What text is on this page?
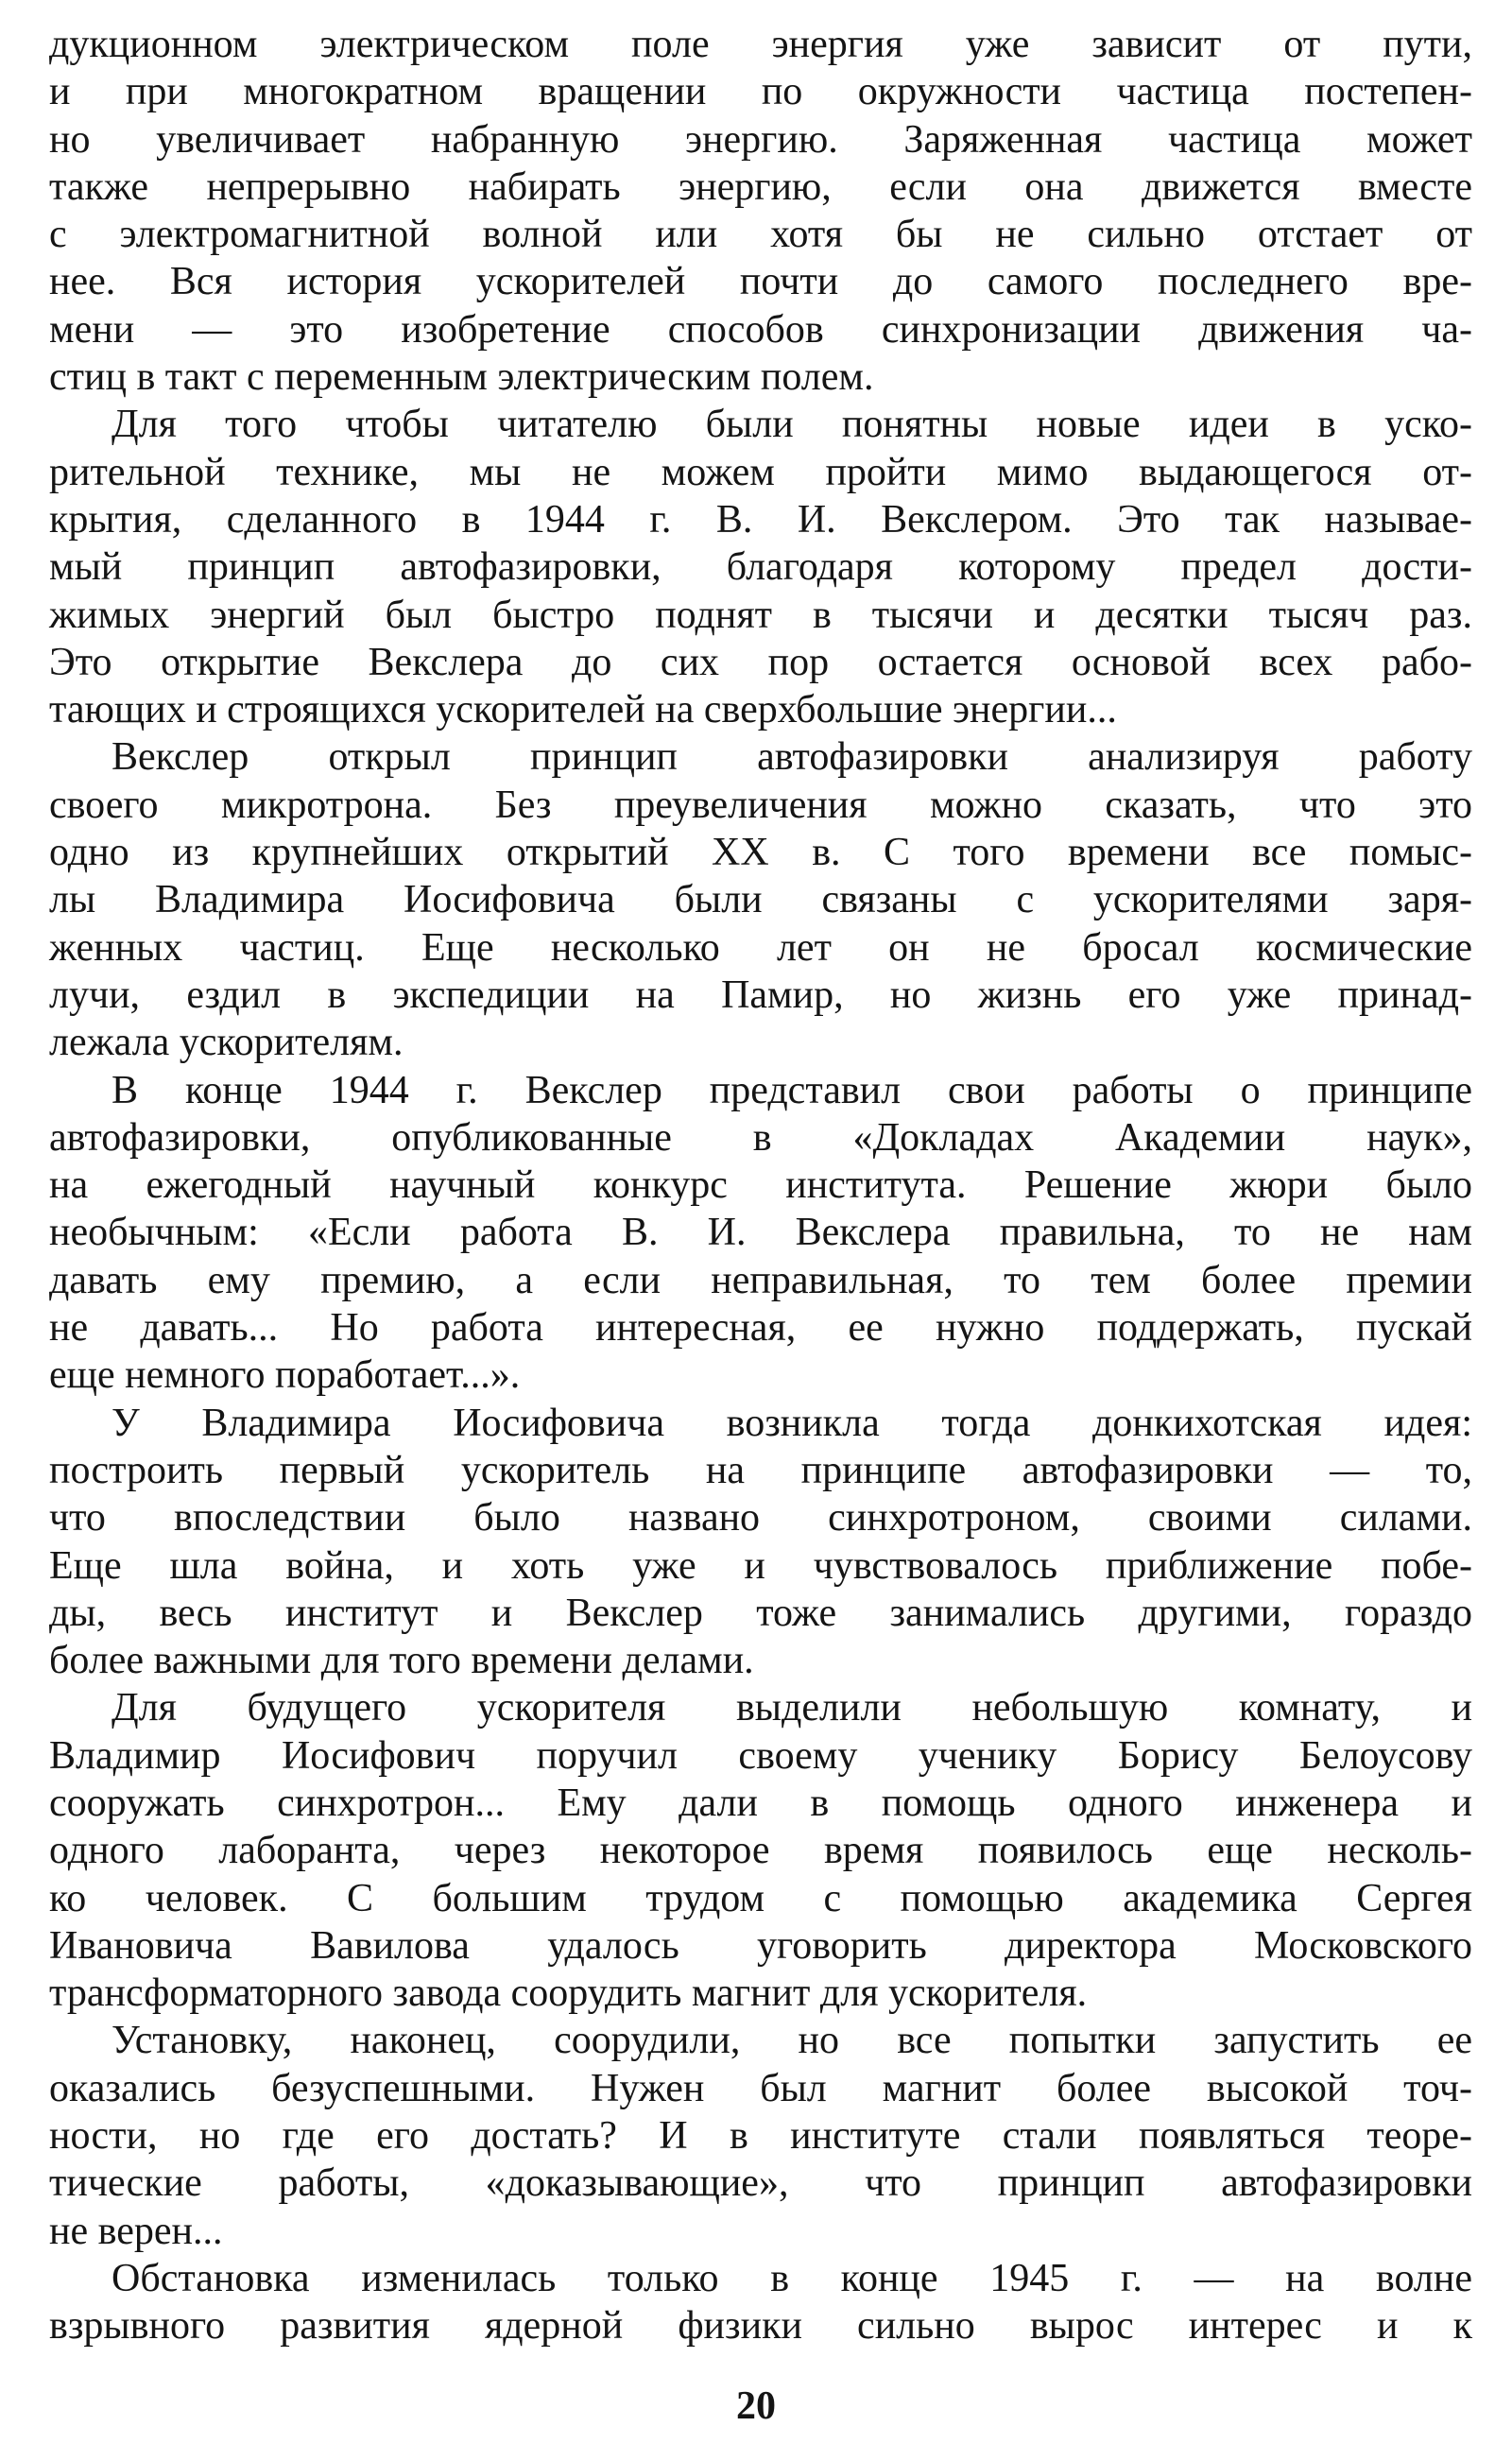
дукционном электрическом поле энергия уже зависит от пути,
и при многократном вращении по окружности частица постепен-
но увеличивает набранную энергию. Заряженная частица может
также непрерывно набирать энергию, если она движется вместе
с электромагнитной волной или хотя бы не сильно отстает от
нее. Вся история ускорителей почти до самого последнего вре-
мени — это изобретение способов синхронизации движения ча-
стиц в такт с переменным электрическим полем.
Для того чтобы читателю были понятны новые идеи в уско-
рительной технике, мы не можем пройти мимо выдающегося от-
крытия, сделанного в 1944 г. В. И. Векслером. Это так называе-
мый принцип автофазировки, благодаря которому предел дости-
жимых энергий был быстро поднят в тысячи и десятки тысяч раз.
Это открытие Векслера до сих пор остается основой всех рабо-
тающих и строящихся ускорителей на сверхбольшие энергии...
Векслер открыл принцип автофазировки анализируя работу
своего микротрона. Без преувеличения можно сказать, что это
одно из крупнейших открытий XX в. С того времени все помыс-
лы Владимира Иосифовича были связаны с ускорителями заря-
женных частиц. Еще несколько лет он не бросал космические
лучи, ездил в экспедиции на Памир, но жизнь его уже принад-
лежала ускорителям.
В конце 1944 г. Векслер представил свои работы о принципе
автофазировки, опубликованные в «Докладах Академии наук»,
на ежегодный научный конкурс института. Решение жюри было
необычным: «Если работа В. И. Векслера правильна, то не нам
давать ему премию, а если неправильная, то тем более премии
не давать... Но работа интересная, ее нужно поддержать, пускай
еще немного поработает...».
У Владимира Иосифовича возникла тогда донкихотская идея:
построить первый ускоритель на принципе автофазировки — то,
что впоследствии было названо синхротроном, своими силами.
Еще шла война, и хоть уже и чувствовалось приближение побе-
ды, весь институт и Векслер тоже занимались другими, гораздо
более важными для того времени делами.
Для будущего ускорителя выделили небольшую комнату, и
Владимир Иосифович поручил своему ученику Борису Белоусову
сооружать синхротрон... Ему дали в помощь одного инженера и
одного лаборанта, через некоторое время появилось еще несколь-
ко человек. С большим трудом с помощью академика Сергея
Ивановича Вавилова удалось уговорить директора Московского
трансформаторного завода соорудить магнит для ускорителя.
Установку, наконец, соорудили, но все попытки запустить ее
оказались безуспешными. Нужен был магнит более высокой точ-
ности, но где его достать? И в институте стали появляться теоре-
тические работы, «доказывающие», что принцип автофазировки
не верен...
Обстановка изменилась только в конце 1945 г. — на волне
взрывного развития ядерной физики сильно вырос интерес и к
20
